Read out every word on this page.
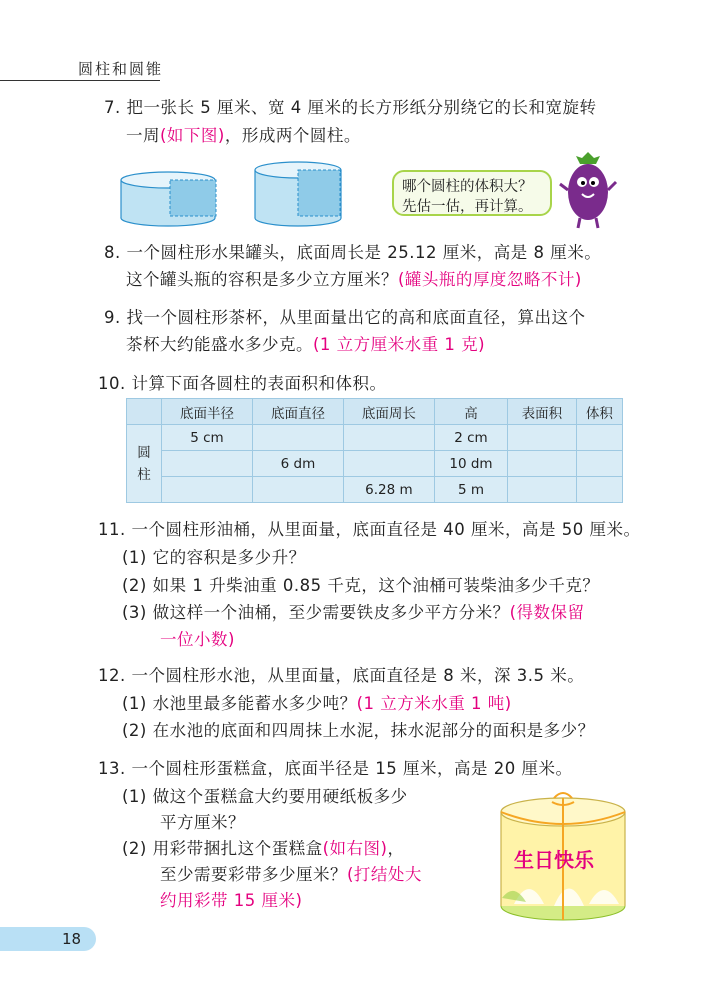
圆柱和圆锥
7. 把一张长 5 厘米、宽 4 厘米的长方形纸分别绕它的长和宽旋转
一周(如下图)，形成两个圆柱。
哪个圆柱的体积大？
先估一估，再计算。
8. 一个圆柱形水果罐头，底面周长是 25.12 厘米，高是 8 厘米。
这个罐头瓶的容积是多少立方厘米？(罐头瓶的厚度忽略不计)
9. 找一个圆柱形茶杯，从里面量出它的高和底面直径，算出这个
茶杯大约能盛水多少克。(1 立方厘米水重 1 克)
10. 计算下面各圆柱的表面积和体积。
	底面半径	底面直径	底面周长	高	表面积	体积
圆柱	5 cm			2 cm		
		6 dm		10 dm		
			6.28 m	5 m		
11. 一个圆柱形油桶，从里面量，底面直径是 40 厘米，高是 50 厘米。
(1) 它的容积是多少升？
(2) 如果 1 升柴油重 0.85 千克，这个油桶可装柴油多少千克？
(3) 做这样一个油桶，至少需要铁皮多少平方分米？(得数保留
一位小数)
12. 一个圆柱形水池，从里面量，底面直径是 8 米，深 3.5 米。
(1) 水池里最多能蓄水多少吨？(1 立方米水重 1 吨)
(2) 在水池的底面和四周抹上水泥，抹水泥部分的面积是多少？
13. 一个圆柱形蛋糕盒，底面半径是 15 厘米，高是 20 厘米。
(1) 做这个蛋糕盒大约要用硬纸板多少
平方厘米？
(2) 用彩带捆扎这个蛋糕盒(如右图)，
至少需要彩带多少厘米？(打结处大
约用彩带 15 厘米)
生日快乐
18
